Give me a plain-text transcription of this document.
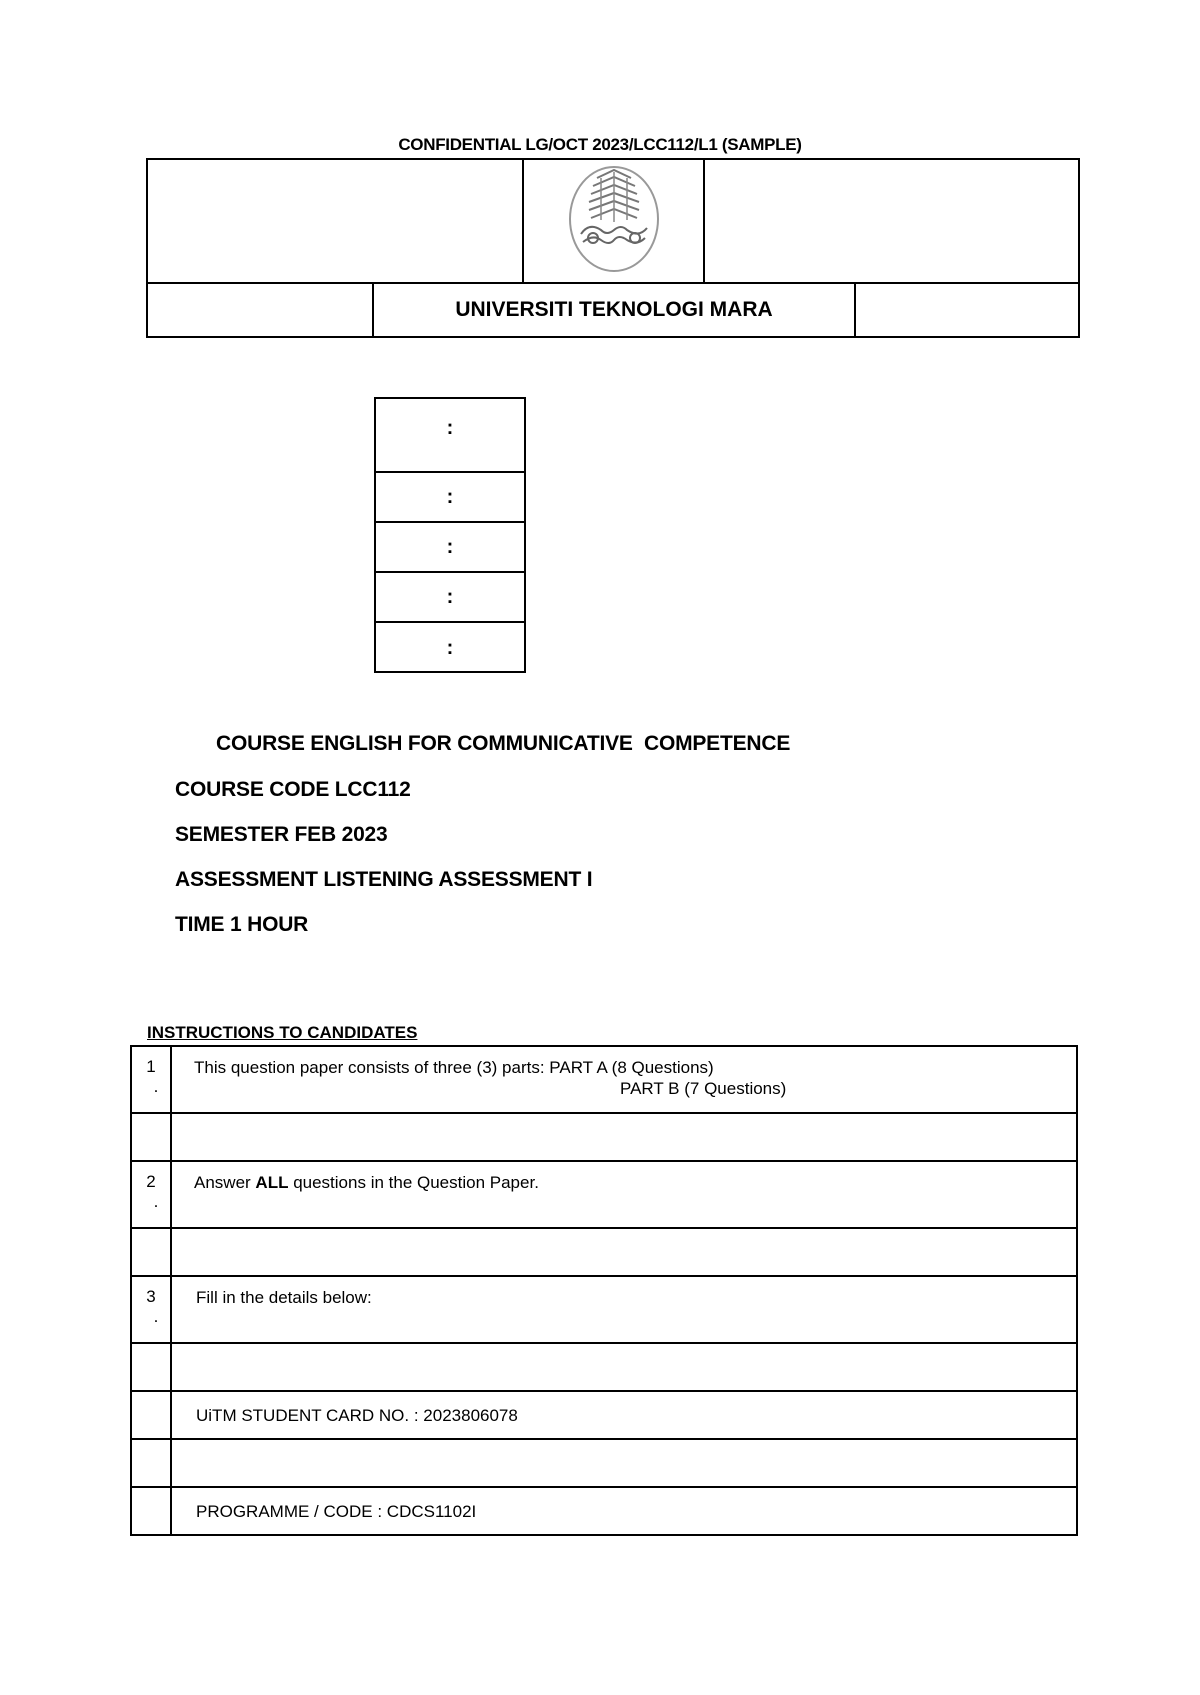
CONFIDENTIAL LG/OCT 2023/LCC112/L1 (SAMPLE)
UNIVERSITI TEKNOLOGI MARA
:
:
:
:
:
COURSE ENGLISH FOR COMMUNICATIVE  COMPETENCE
COURSE CODE LCC112
SEMESTER FEB 2023
ASSESSMENT LISTENING ASSESSMENT I
TIME 1 HOUR
INSTRUCTIONS TO CANDIDATES
1
.
This question paper consists of three (3) parts: PART A (8 Questions)
PART B (7 Questions)
2
.
Answer ALL questions in the Question Paper.
3
.
Fill in the details below:
UiTM STUDENT CARD NO. : 2023806078
PROGRAMME / CODE : CDCS1102I
